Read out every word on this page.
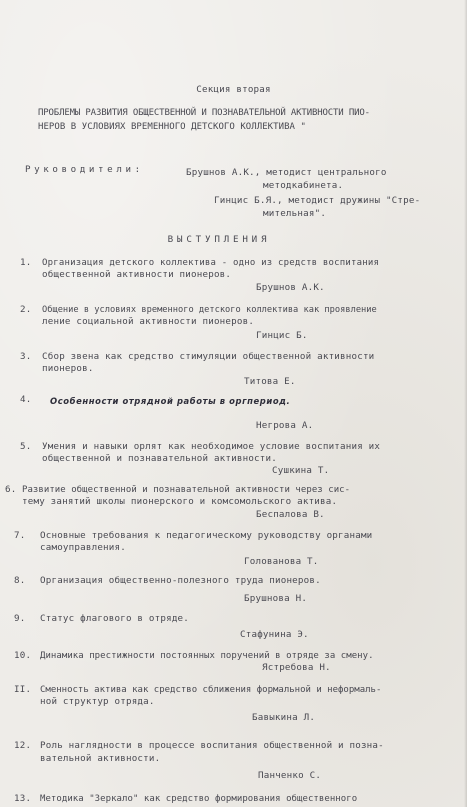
Секция вторая
ПРОБЛЕМЫ РАЗВИТИЯ ОБЩЕСТВЕННОЙ И ПОЗНАВАТЕЛЬНОЙ АКТИВНОСТИ ПИО-
НЕРОВ В УСЛОВИЯХ ВРЕМЕННОГО ДЕТСКОГО КОЛЛЕКТИВА "
Руководители:	Брушнов А.К., методист центрального
методкабинета.
Гинцис Б.Я., методист дружины "Стре-
мительная".
ВЫСТУПЛЕНИЯ
1. Организация детского коллектива - одно из средств воспитания
общественной активности пионеров.
Брушнов А.К.
2. Общение в условиях временного детского коллектива как проявление
ление социальной активности пионеров.
Гинцис Б.
3. Сбор звена как средство стимуляции общественной активности
пионеров.
Титова Е.
4. Особенности отрядной работы в оргпериод.
Негрова А.
5. Умения и навыки орлят как необходимое условие воспитания их
общественной и познавательной активности.
Сушкина Т.
6. Развитие общественной и познавательной активности через сис-
тему занятий школы пионерского и комсомольского актива.
Беспалова В.
7. Основные требования к педагогическому руководству органами
самоуправления.
Голованова Т.
8. Организация общественно-полезного труда пионеров.
Брушнова Н.
9. Статус флагового в отряде.
Стафунина Э.
10. Динамика престижности постоянных поручений в отряде за смену.
Ястребова Н.
II. Сменность актива как средство сближения формальной и неформаль-
ной структур отряда.
Бавыкина Л.
12. Роль наглядности в процессе воспитания общественной и позна-
вательной активности.
Панченко С.
13. Методика "Зеркало" как средство формирования общественного
